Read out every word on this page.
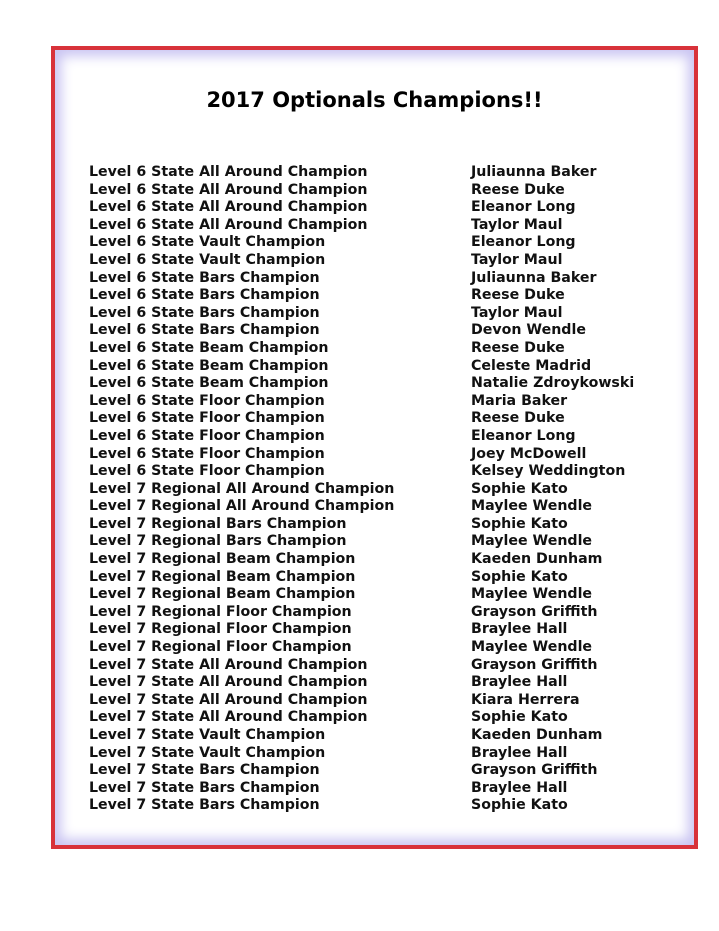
2017 Optionals Champions!!
Level 6 State All Around Champion	Juliaunna Baker
Level 6 State All Around Champion	Reese Duke
Level 6 State All Around Champion	Eleanor Long
Level 6 State All Around Champion	Taylor Maul
Level 6 State Vault Champion	Eleanor Long
Level 6 State Vault Champion	Taylor Maul
Level 6 State Bars Champion	Juliaunna Baker
Level 6 State Bars Champion	Reese Duke
Level 6 State Bars Champion	Taylor Maul
Level 6 State Bars Champion	Devon Wendle
Level 6 State Beam Champion	Reese Duke
Level 6 State Beam Champion	Celeste Madrid
Level 6 State Beam Champion	Natalie Zdroykowski
Level 6 State Floor Champion	Maria Baker
Level 6 State Floor Champion	Reese Duke
Level 6 State Floor Champion	Eleanor Long
Level 6 State Floor Champion	Joey McDowell
Level 6 State Floor Champion	Kelsey Weddington
Level 7 Regional All Around Champion	Sophie Kato
Level 7 Regional All Around Champion	Maylee Wendle
Level 7 Regional Bars Champion	Sophie Kato
Level 7 Regional Bars Champion	Maylee Wendle
Level 7 Regional Beam Champion	Kaeden Dunham
Level 7 Regional Beam Champion	Sophie Kato
Level 7 Regional Beam Champion	Maylee Wendle
Level 7 Regional Floor Champion	Grayson Griffith
Level 7 Regional Floor Champion	Braylee Hall
Level 7 Regional Floor Champion	Maylee Wendle
Level 7 State All Around Champion	Grayson Griffith
Level 7 State All Around Champion	Braylee Hall
Level 7 State All Around Champion	Kiara Herrera
Level 7 State All Around Champion	Sophie Kato
Level 7 State Vault Champion	Kaeden Dunham
Level 7 State Vault Champion	Braylee Hall
Level 7 State Bars Champion	Grayson Griffith
Level 7 State Bars Champion	Braylee Hall
Level 7 State Bars Champion	Sophie Kato
